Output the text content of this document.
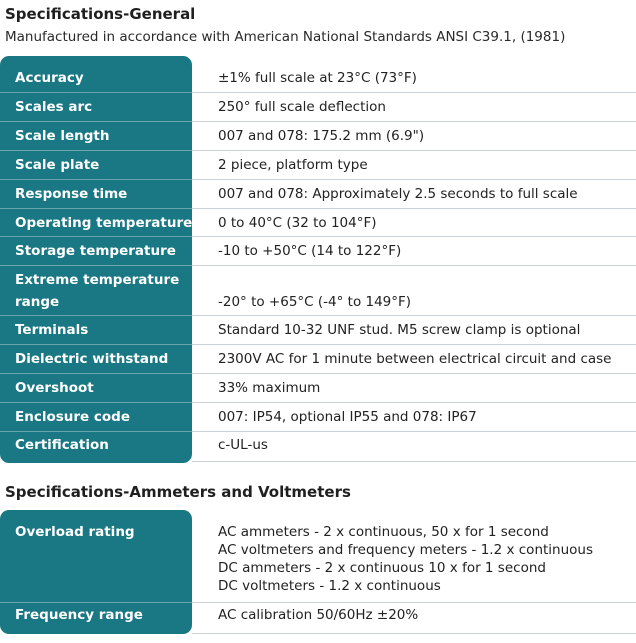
Specifications-General
Manufactured in accordance with American National Standards ANSI C39.1, (1981)
Accuracy	±1% full scale at 23°C (73°F)
Scales arc	250° full scale deflection
Scale length	007 and 078: 175.2 mm (6.9")
Scale plate	2 piece, platform type
Response time	007 and 078: Approximately 2.5 seconds to full scale
Operating temperature 0 to 40°C (32 to 104°F)
Storage temperature	-10 to +50°C (14 to 122°F)
Extreme temperature
range	-20° to +65°C (-4° to 149°F)
Terminals	Standard 10-32 UNF stud. M5 screw clamp is optional
Dielectric withstand	2300V AC for 1 minute between electrical circuit and case
Overshoot	33% maximum
Enclosure code	007: IP54, optional IP55 and 078: IP67
Certification	c-UL-us
Specifications-Ammeters and Voltmeters
Overload rating	AC ammeters - 2 x continuous, 50 x for 1 second
AC voltmeters and frequency meters - 1.2 x continuous
DC ammeters - 2 x continuous 10 x for 1 second
DC voltmeters - 1.2 x continuous
Frequency range	AC calibration 50/60Hz ±20%
